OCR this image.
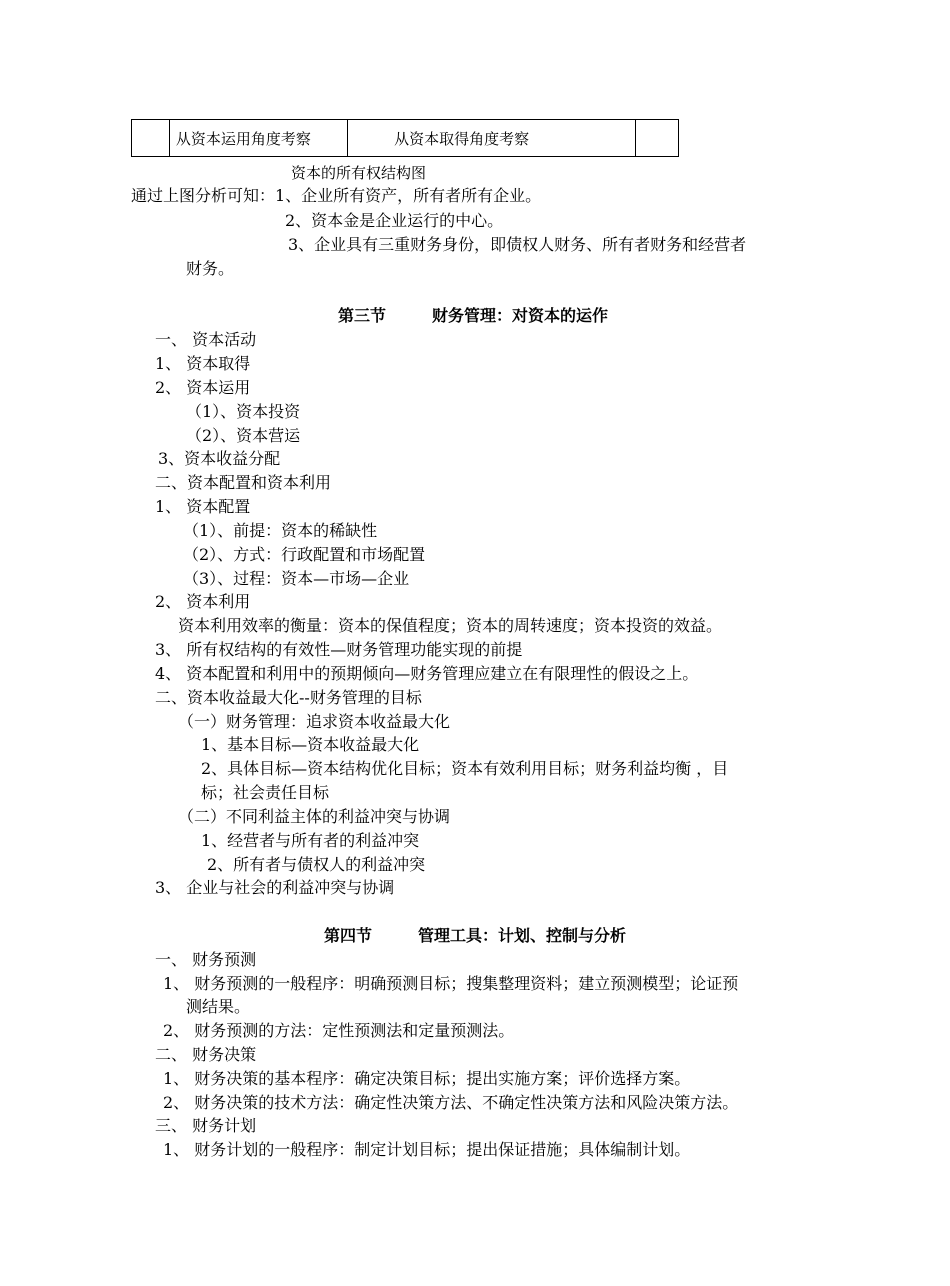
从资本运用角度考察	从资本取得角度考察
资本的所有权结构图
通过上图分析可知：1、企业所有资产，所有者所有企业。
2、资本金是企业运行的中心。
3、企业具有三重财务身份，即债权人财务、所有者财务和经营者
财务。
第三节	财务管理：对资本的运作
一、 资本活动
1、 资本取得
2、 资本运用
（1）、资本投资
（2）、资本营运
3、资本收益分配
二、资本配置和资本利用
1、 资本配置
（1）、前提：资本的稀缺性
（2）、方式：行政配置和市场配置
（3）、过程：资本—市场—企业
2、 资本利用
资本利用效率的衡量：资本的保值程度；资本的周转速度；资本投资的效益。
3、 所有权结构的有效性—财务管理功能实现的前提
4、 资本配置和利用中的预期倾向—财务管理应建立在有限理性的假设之上。
二、资本收益最大化--财务管理的目标
（一）财务管理：追求资本收益最大化
1、基本目标—资本收益最大化
2、具体目标—资本结构优化目标；资本有效利用目标；财务利益均衡 ，目
标；社会责任目标
（二）不同利益主体的利益冲突与协调
1、经营者与所有者的利益冲突
2、所有者与债权人的利益冲突
3、 企业与社会的利益冲突与协调
第四节	管理工具：计划、控制与分析
一、 财务预测
1、 财务预测的一般程序：明确预测目标；搜集整理资料；建立预测模型；论证预
测结果。
2、 财务预测的方法：定性预测法和定量预测法。
二、 财务决策
1、 财务决策的基本程序：确定决策目标；提出实施方案；评价选择方案。
2、 财务决策的技术方法：确定性决策方法、不确定性决策方法和风险决策方法。
三、 财务计划
1、 财务计划的一般程序：制定计划目标；提出保证措施；具体编制计划。
